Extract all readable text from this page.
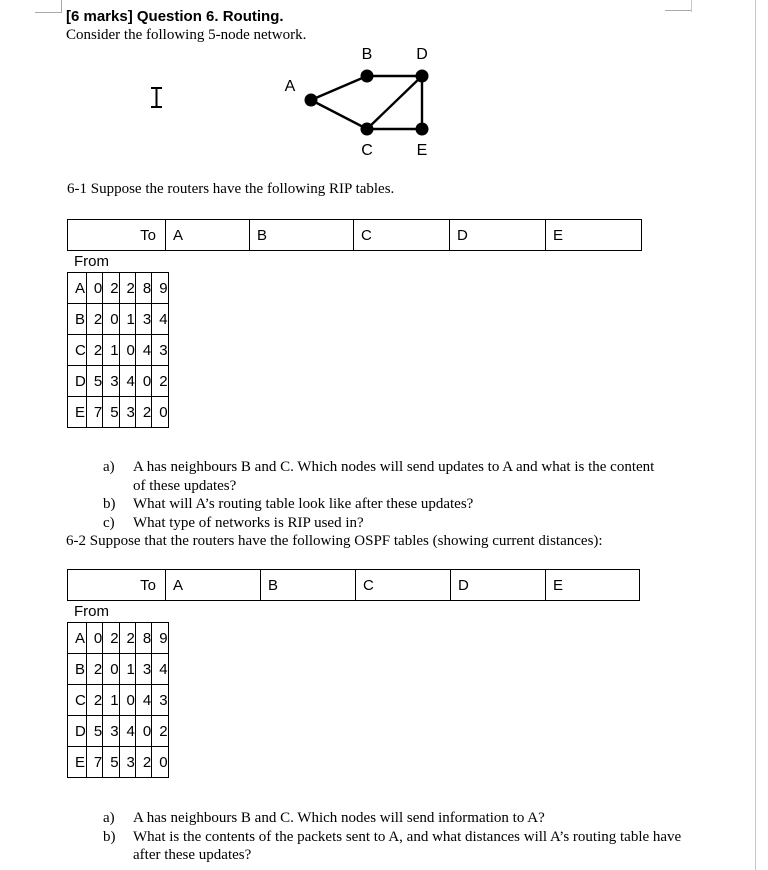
[6 marks] Question 6. Routing.
Consider the following 5-node network.
A
B
C
D
E
6-1 Suppose the routers have the following RIP tables.
To	A	B	C	D	E
From
A	0	2	2	8	9
B	2	0	1	3	4
C	2	1	0	4	3
D	5	3	4	0	2
E	7	5	3	2	0
a)	A has neighbours B and C. Which nodes will send updates to A and what is the content of these updates?
b)	What will A’s routing table look like after these updates?
c)	What type of networks is RIP used in?
6-2 Suppose that the routers have the following OSPF tables (showing current distances):
To	A	B	C	D	E
From
A	0	2	2	8	9
B	2	0	1	3	4
C	2	1	0	4	3
D	5	3	4	0	2
E	7	5	3	2	0
a)	A has neighbours B and C. Which nodes will send information to A?
b)	What is the contents of the packets sent to A, and what distances will A’s routing table have after these updates?
